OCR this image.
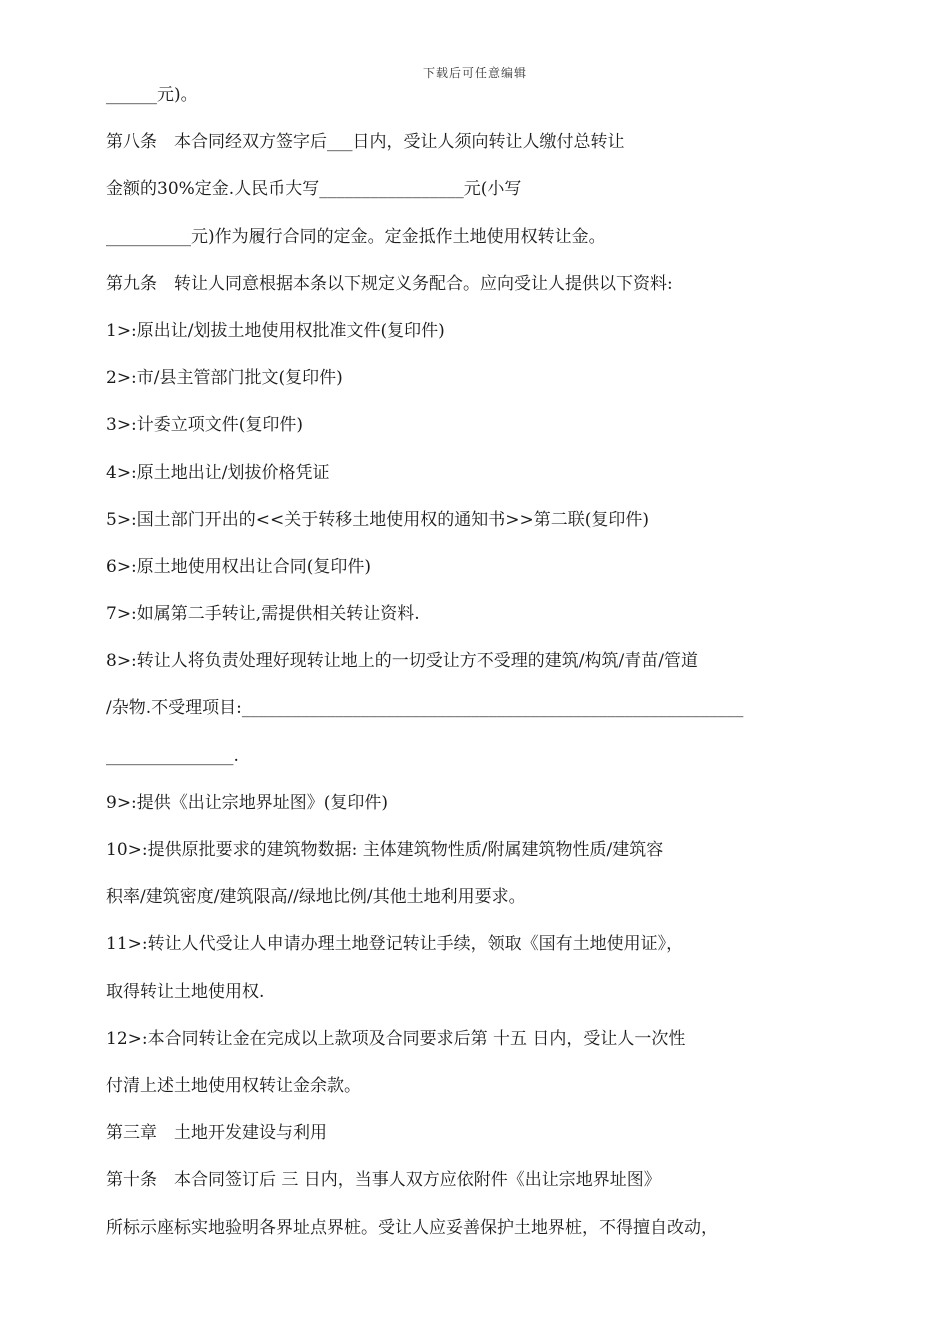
下载后可任意编辑
______元)。
第八条　本合同经双方签字后___日内，受让人须向转让人缴付总转让
金额的30%定金.人民币大写_________________元(小写
__________元)作为履行合同的定金。定金抵作土地使用权转让金。
第九条　转让人同意根据本条以下规定义务配合。应向受让人提供以下资料:
1>:原出让/划拔土地使用权批准文件(复印件)
2>:市/县主管部门批文(复印件)
3>:计委立项文件(复印件)
4>:原土地出让/划拔价格凭证
5>:国土部门开出的<<关于转移土地使用权的通知书>>第二联(复印件)
6>:原土地使用权出让合同(复印件)
7>:如属第二手转让,需提供相关转让资料.
8>:转让人将负责处理好现转让地上的一切受让方不受理的建筑/构筑/青苗/管道
/杂物.不受理项目:___________________________________________________________
_______________.
9>:提供《出让宗地界址图》(复印件)
10>:提供原批要求的建筑物数据: 主体建筑物性质/附属建筑物性质/建筑容
积率/建筑密度/建筑限高//绿地比例/其他土地利用要求。
11>:转让人代受让人申请办理土地登记转让手续，领取《国有土地使用证》，
取得转让土地使用权.
12>:本合同转让金在完成以上款项及合同要求后第 十五 日内，受让人一次性
付清上述土地使用权转让金余款。
第三章　土地开发建设与利用
第十条　本合同签订后 三 日内，当事人双方应依附件《出让宗地界址图》
所标示座标实地验明各界址点界桩。受让人应妥善保护土地界桩，不得擅自改动，
